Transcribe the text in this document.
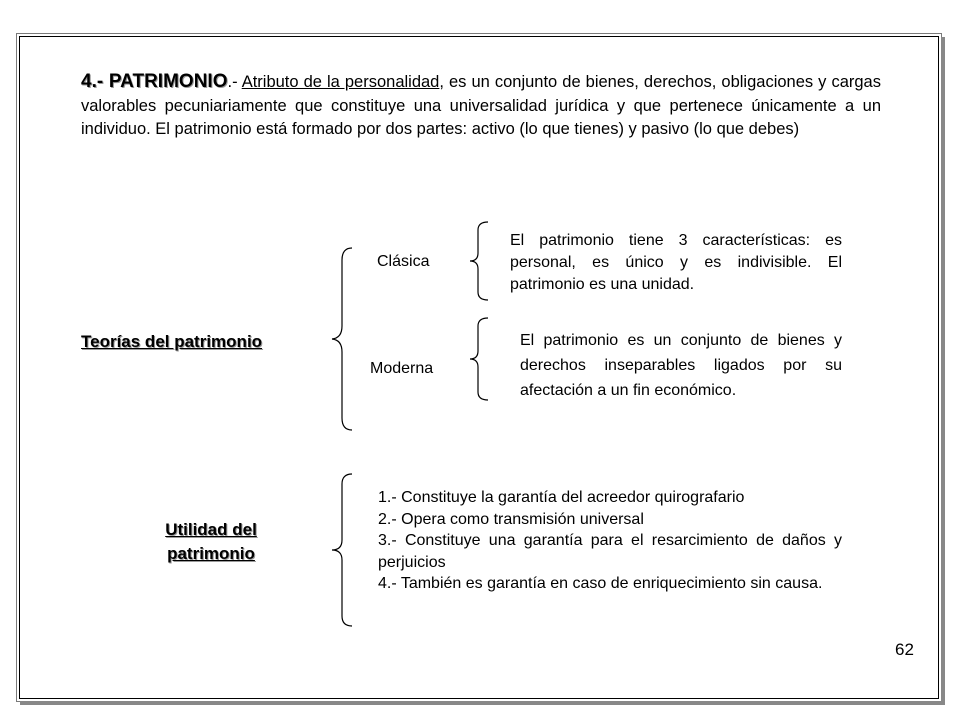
4.- PATRIMONIO.- Atributo de la personalidad, es un conjunto de bienes, derechos, obligaciones y cargas valorables pecuniariamente que constituye una universalidad jurídica y que pertenece únicamente a un individuo. El patrimonio está formado por dos partes: activo (lo que tienes) y pasivo (lo que debes)
Teorías del patrimonio
Clásica
Moderna
El patrimonio tiene 3 características: es personal, es único y es indivisible. El patrimonio es una unidad.
El patrimonio es un conjunto de bienes y derechos inseparables ligados por su afectación a un fin económico.
Utilidad del
patrimonio
1.- Constituye la garantía del acreedor quirografario
2.- Opera como transmisión universal
3.- Constituye una garantía para el resarcimiento de daños y perjuicios
4.- También es garantía en caso de enriquecimiento sin causa.
62
